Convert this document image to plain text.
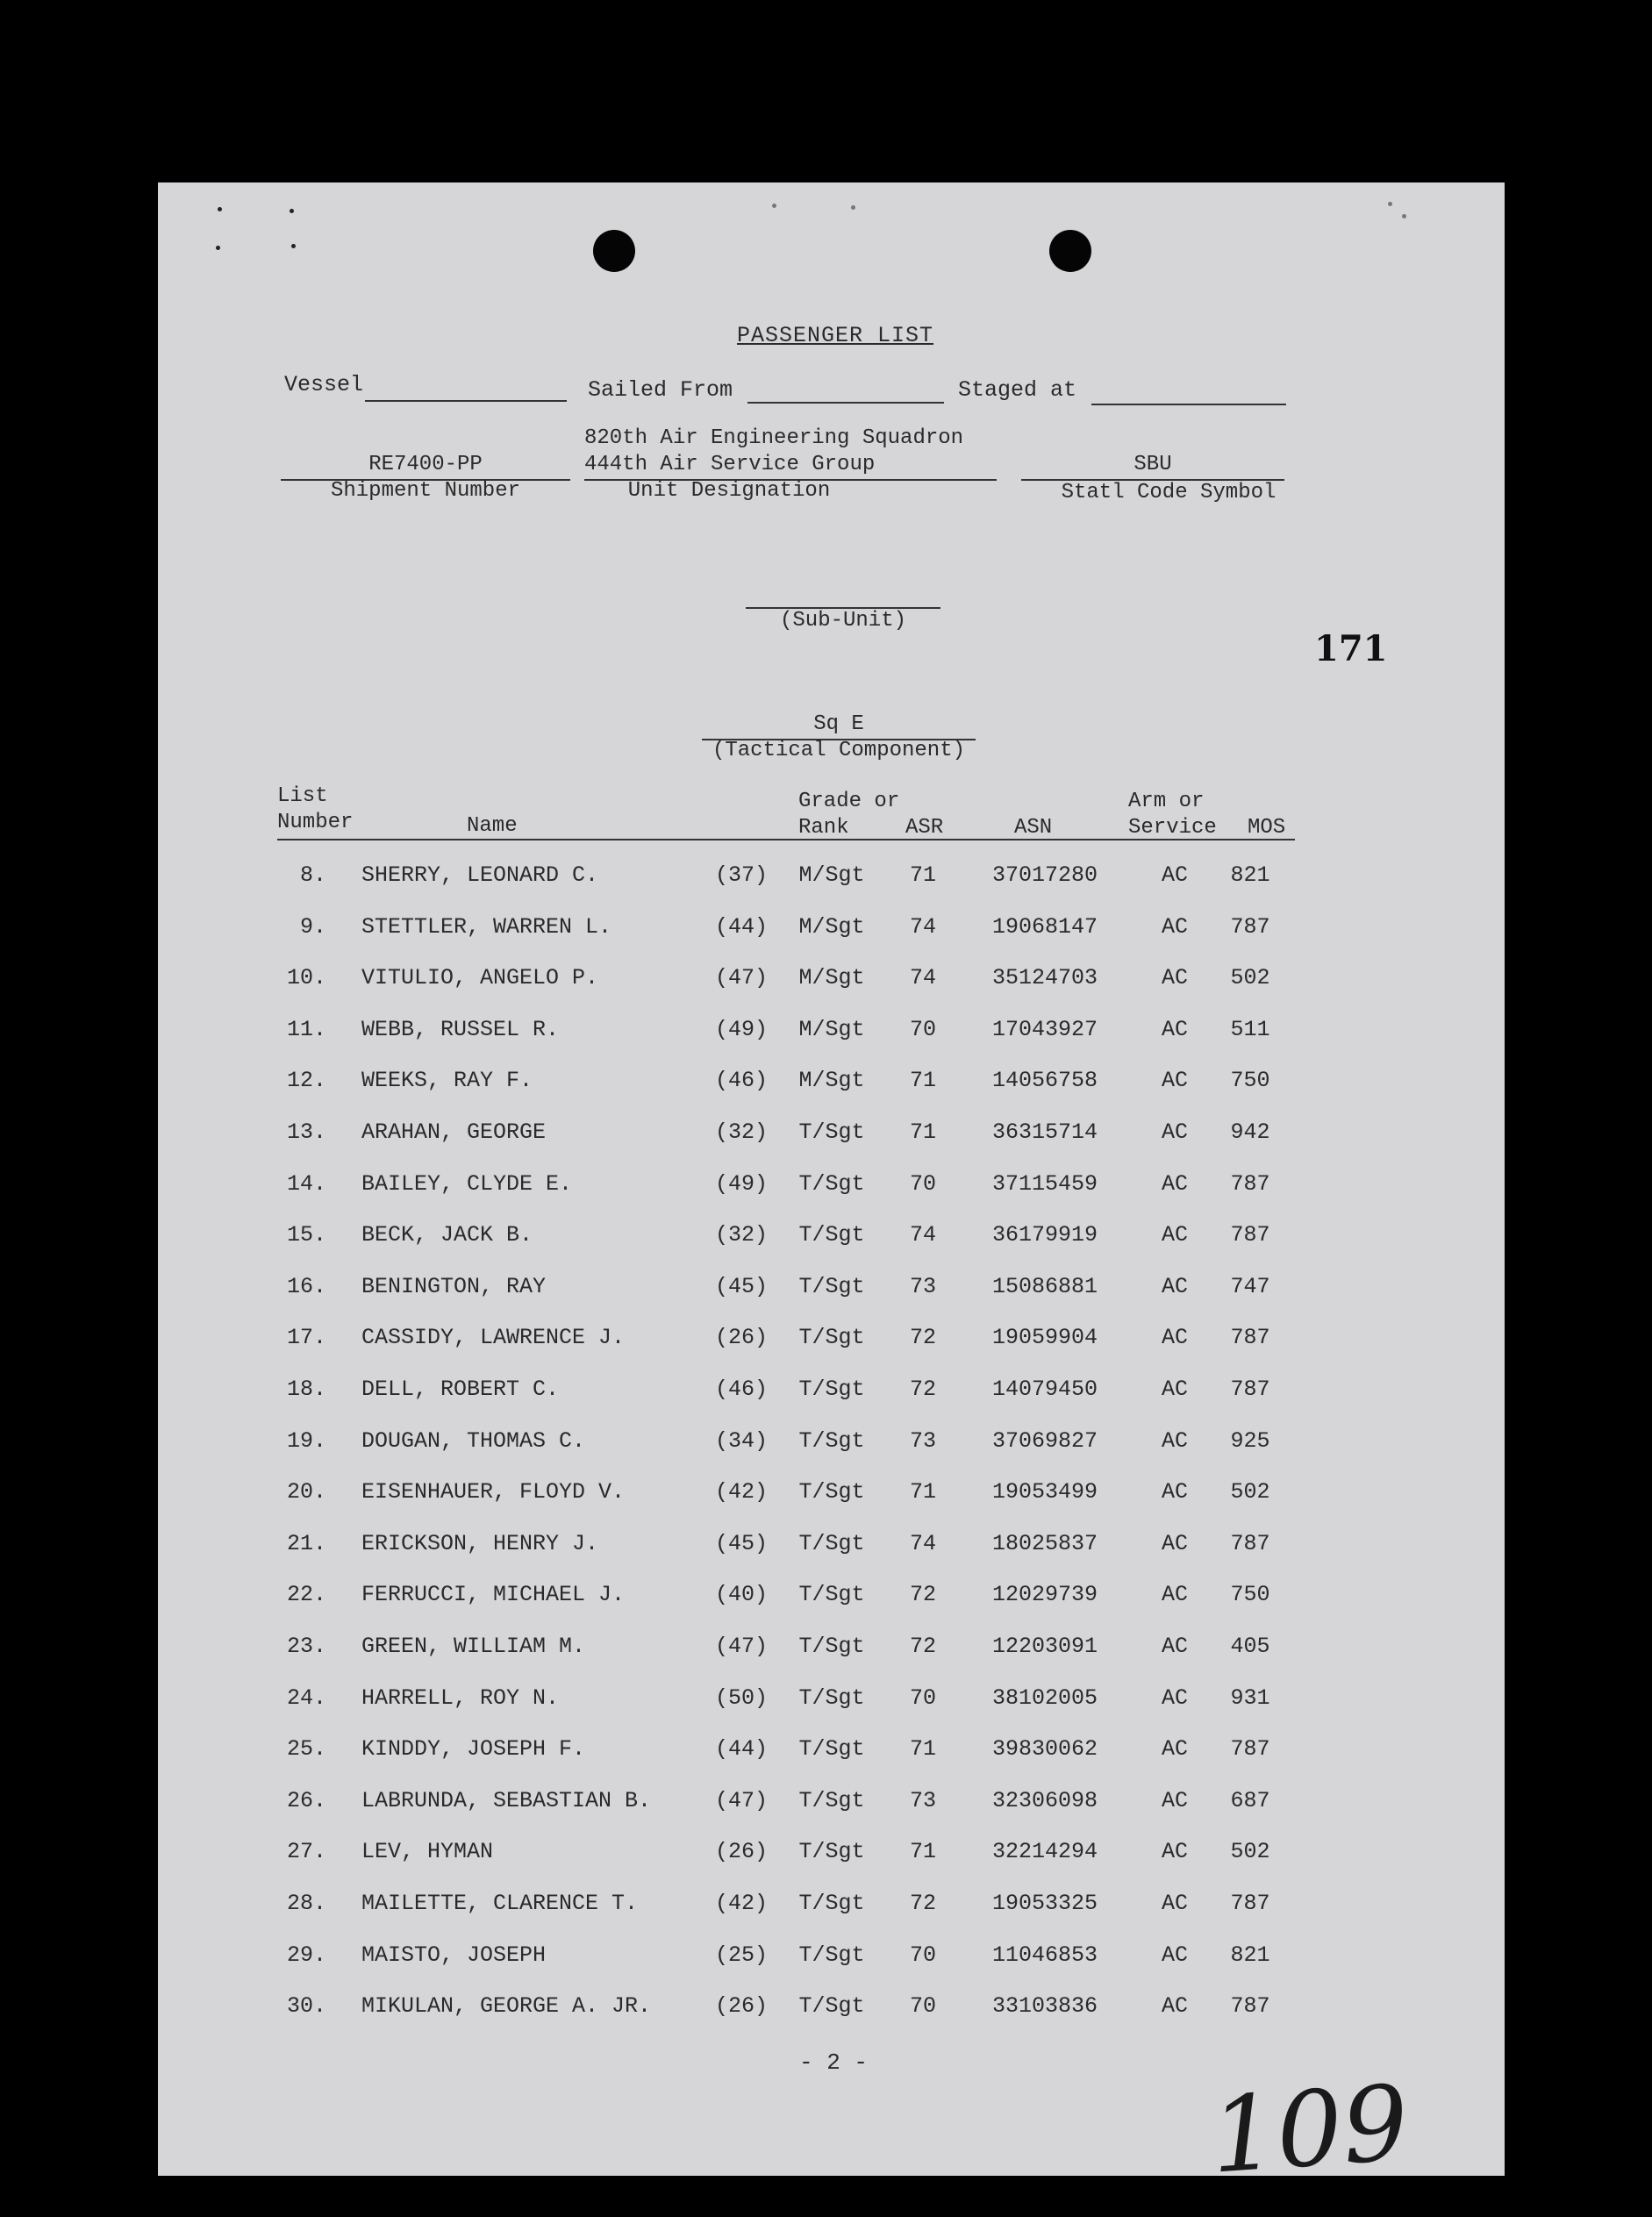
PASSENGER LIST
Vessel	Sailed From	Staged at
RE7400-PP
Shipment Number
820th Air Engineering Squadron
444th Air Service Group
Unit Designation
SBU
Statl Code Symbol
(Sub-Unit)
171
Sq E
(Tactical Component)
List
Number	Name
Grade or
Rank	ASR	ASN
Arm or
Service MOS
8. SHERRY, LEONARD C.	(37)	M/Sgt	71	37017280	AC	821
9. STETTLER, WARREN L.	(44)	M/Sgt	74	19068147	AC	787
10. VITULIO, ANGELO P.	(47)	M/Sgt	74	35124703	AC	502
11. WEBB, RUSSEL R.	(49)	M/Sgt	70	17043927	AC	511
12. WEEKS, RAY F.	(46)	M/Sgt	71	14056758	AC	750
13. ARAHAN, GEORGE	(32)	T/Sgt	71	36315714	AC	942
14. BAILEY, CLYDE E.	(49)	T/Sgt	70	37115459	AC	787
15. BECK, JACK B.	(32)	T/Sgt	74	36179919	AC	787
16. BENINGTON, RAY	(45)	T/Sgt	73	15086881	AC	747
17. CASSIDY, LAWRENCE J.	(26)	T/Sgt	72	19059904	AC	787
18. DELL, ROBERT C.	(46)	T/Sgt	72	14079450	AC	787
19. DOUGAN, THOMAS C.	(34)	T/Sgt	73	37069827	AC	925
20. EISENHAUER, FLOYD V.	(42)	T/Sgt	71	19053499	AC	502
21. ERICKSON, HENRY J.	(45)	T/Sgt	74	18025837	AC	787
22. FERRUCCI, MICHAEL J.	(40)	T/Sgt	72	12029739	AC	750
23. GREEN, WILLIAM M.	(47)	T/Sgt	72	12203091	AC	405
24. HARRELL, ROY N.	(50)	T/Sgt	70	38102005	AC	931
25. KINDDY, JOSEPH F.	(44)	T/Sgt	71	39830062	AC	787
26. LABRUNDA, SEBASTIAN B.	(47)	T/Sgt	73	32306098	AC	687
27. LEV, HYMAN	(26)	T/Sgt	71	32214294	AC	502
28. MAILETTE, CLARENCE T.	(42)	T/Sgt	72	19053325	AC	787
29. MAISTO, JOSEPH	(25)	T/Sgt	70	11046853	AC	821
30. MIKULAN, GEORGE A. JR.	(26)	T/Sgt	70	33103836	AC	787
- 2 -	109
